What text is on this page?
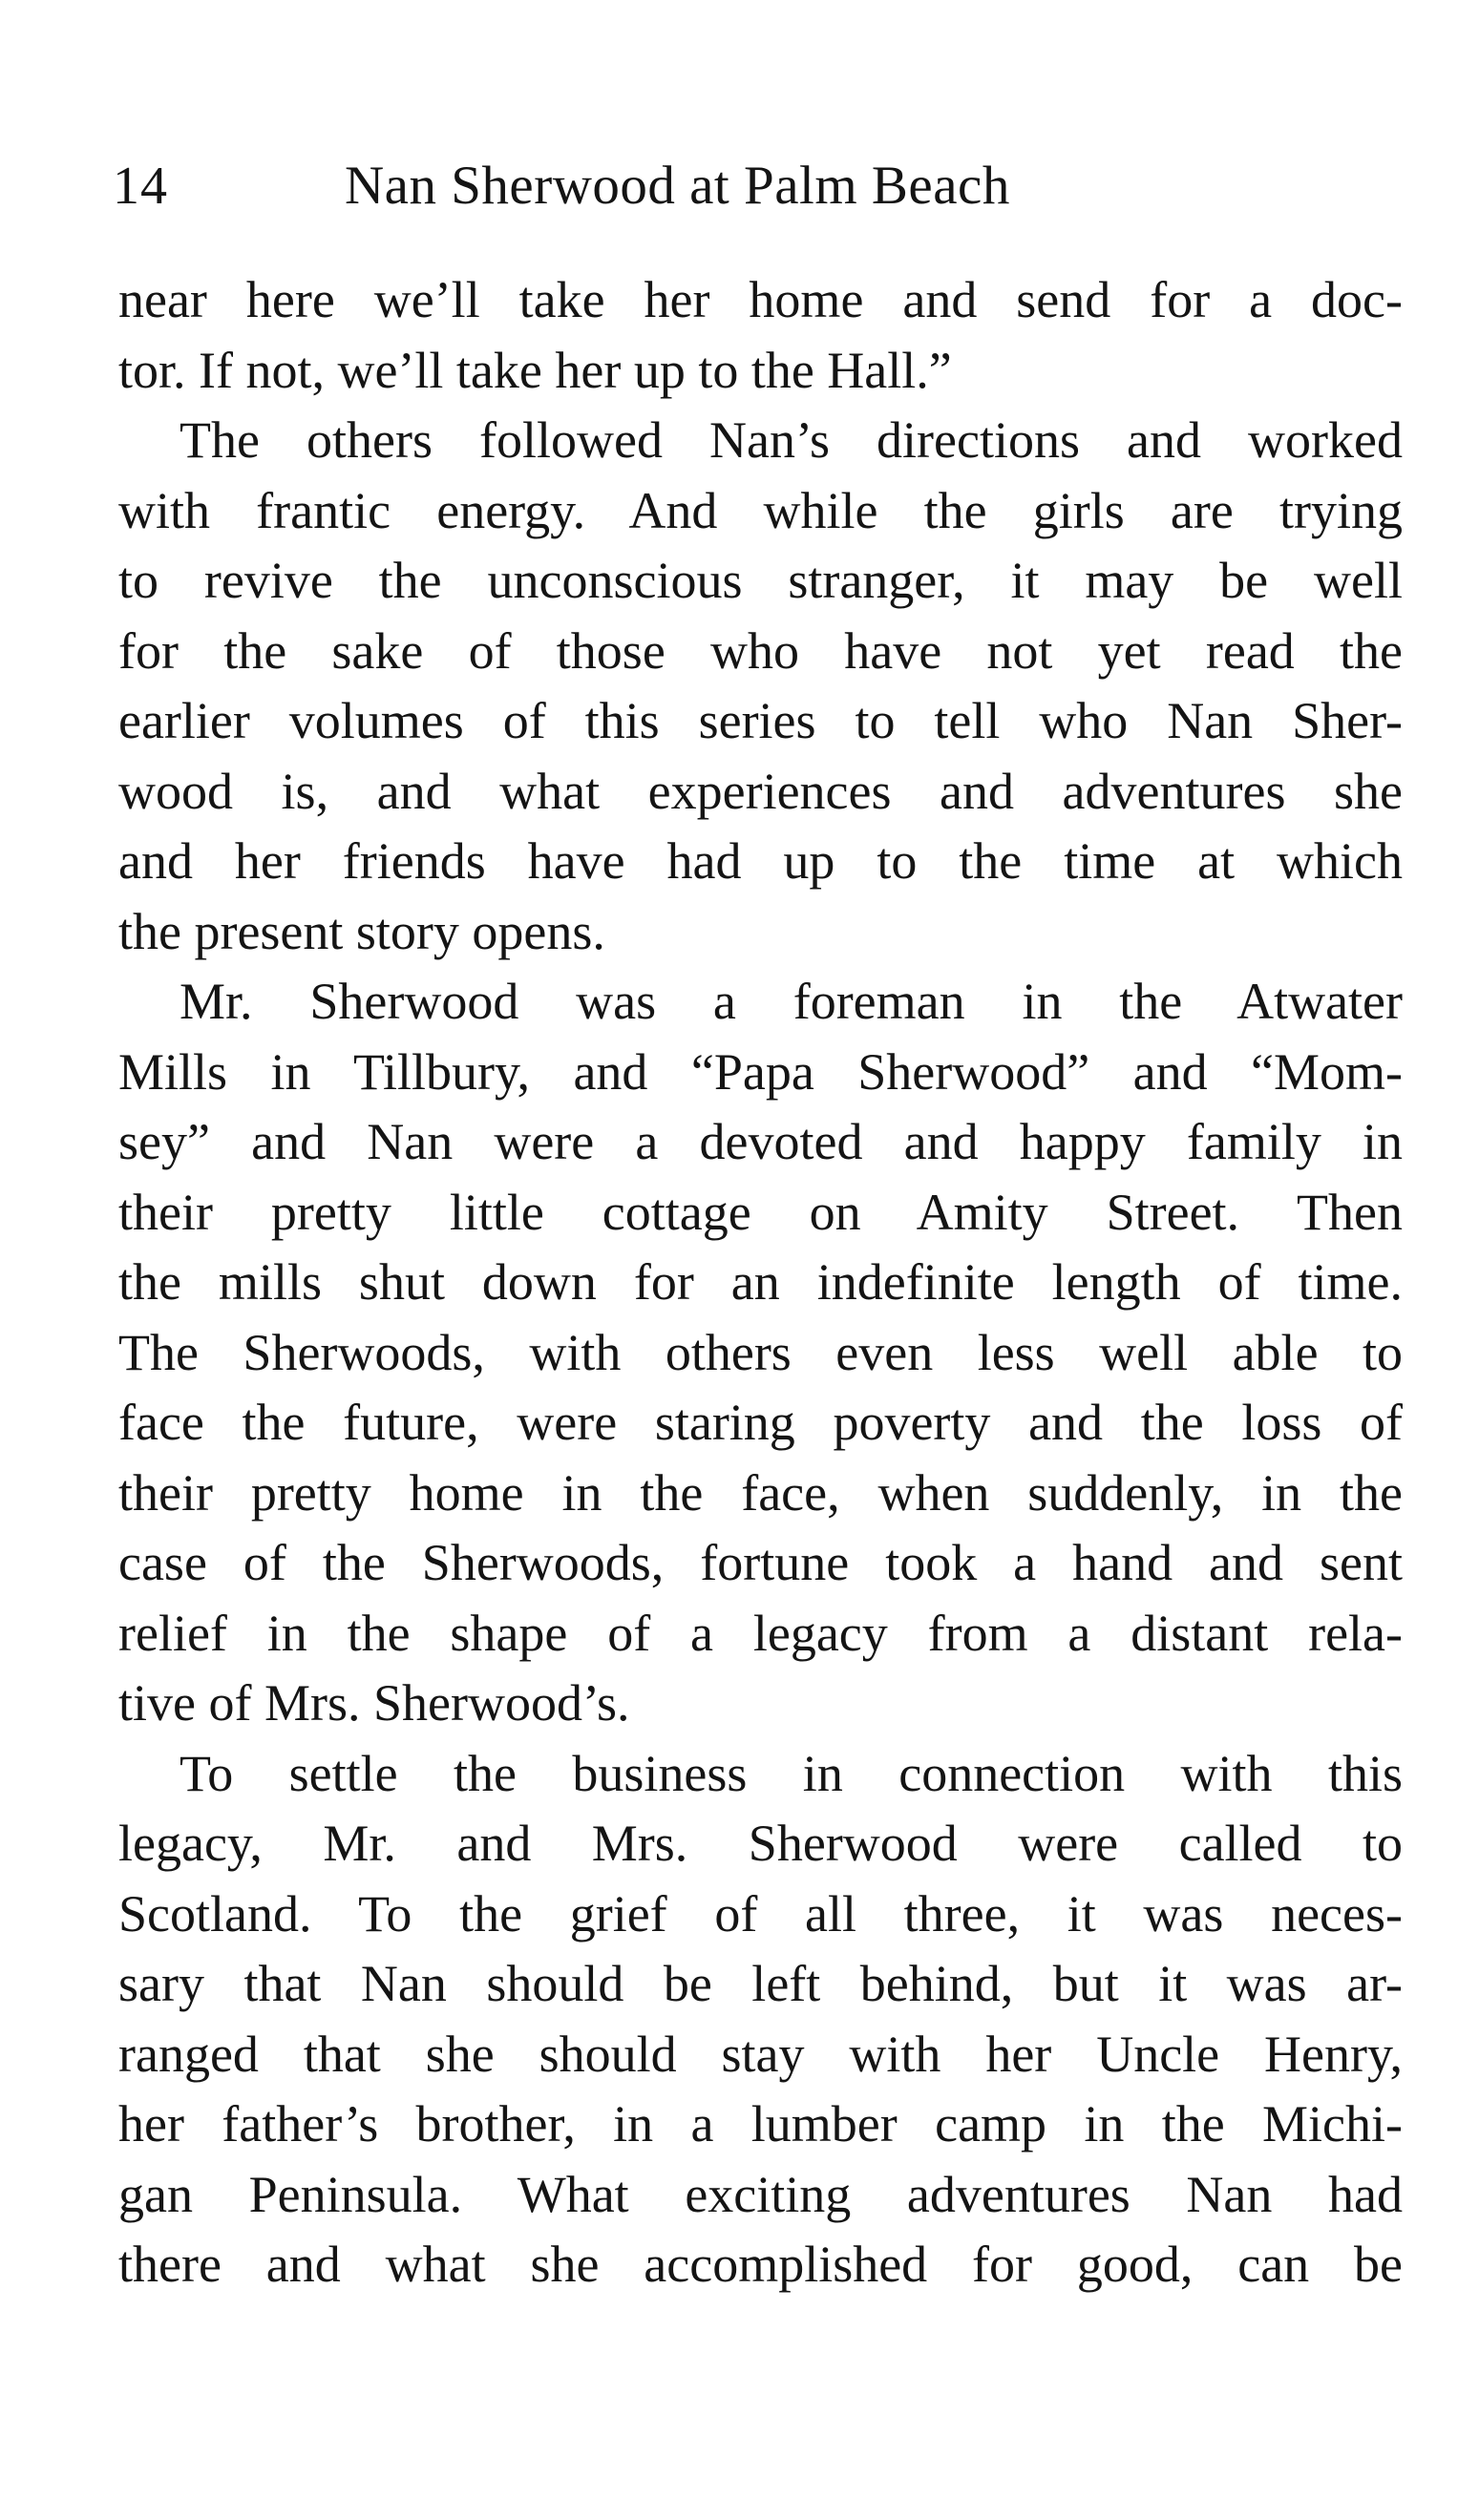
14	Nan Sherwood at Palm Beach
near here we’ll take her home and send for a doc-
tor. If not, we’ll take her up to the Hall.”
The others followed Nan’s directions and worked
with frantic energy. And while the girls are trying
to revive the unconscious stranger, it may be well
for the sake of those who have not yet read the
earlier volumes of this series to tell who Nan Sher-
wood is, and what experiences and adventures she
and her friends have had up to the time at which
the present story opens.
Mr. Sherwood was a foreman in the Atwater
Mills in Tillbury, and “Papa Sherwood” and “Mom-
sey” and Nan were a devoted and happy family in
their pretty little cottage on Amity Street. Then
the mills shut down for an indefinite length of time.
The Sherwoods, with others even less well able to
face the future, were staring poverty and the loss of
their pretty home in the face, when suddenly, in the
case of the Sherwoods, fortune took a hand and sent
relief in the shape of a legacy from a distant rela-
tive of Mrs. Sherwood’s.
To settle the business in connection with this
legacy, Mr. and Mrs. Sherwood were called to
Scotland. To the grief of all three, it was neces-
sary that Nan should be left behind, but it was ar-
ranged that she should stay with her Uncle Henry,
her father’s brother, in a lumber camp in the Michi-
gan Peninsula. What exciting adventures Nan had
there and what she accomplished for good, can be
